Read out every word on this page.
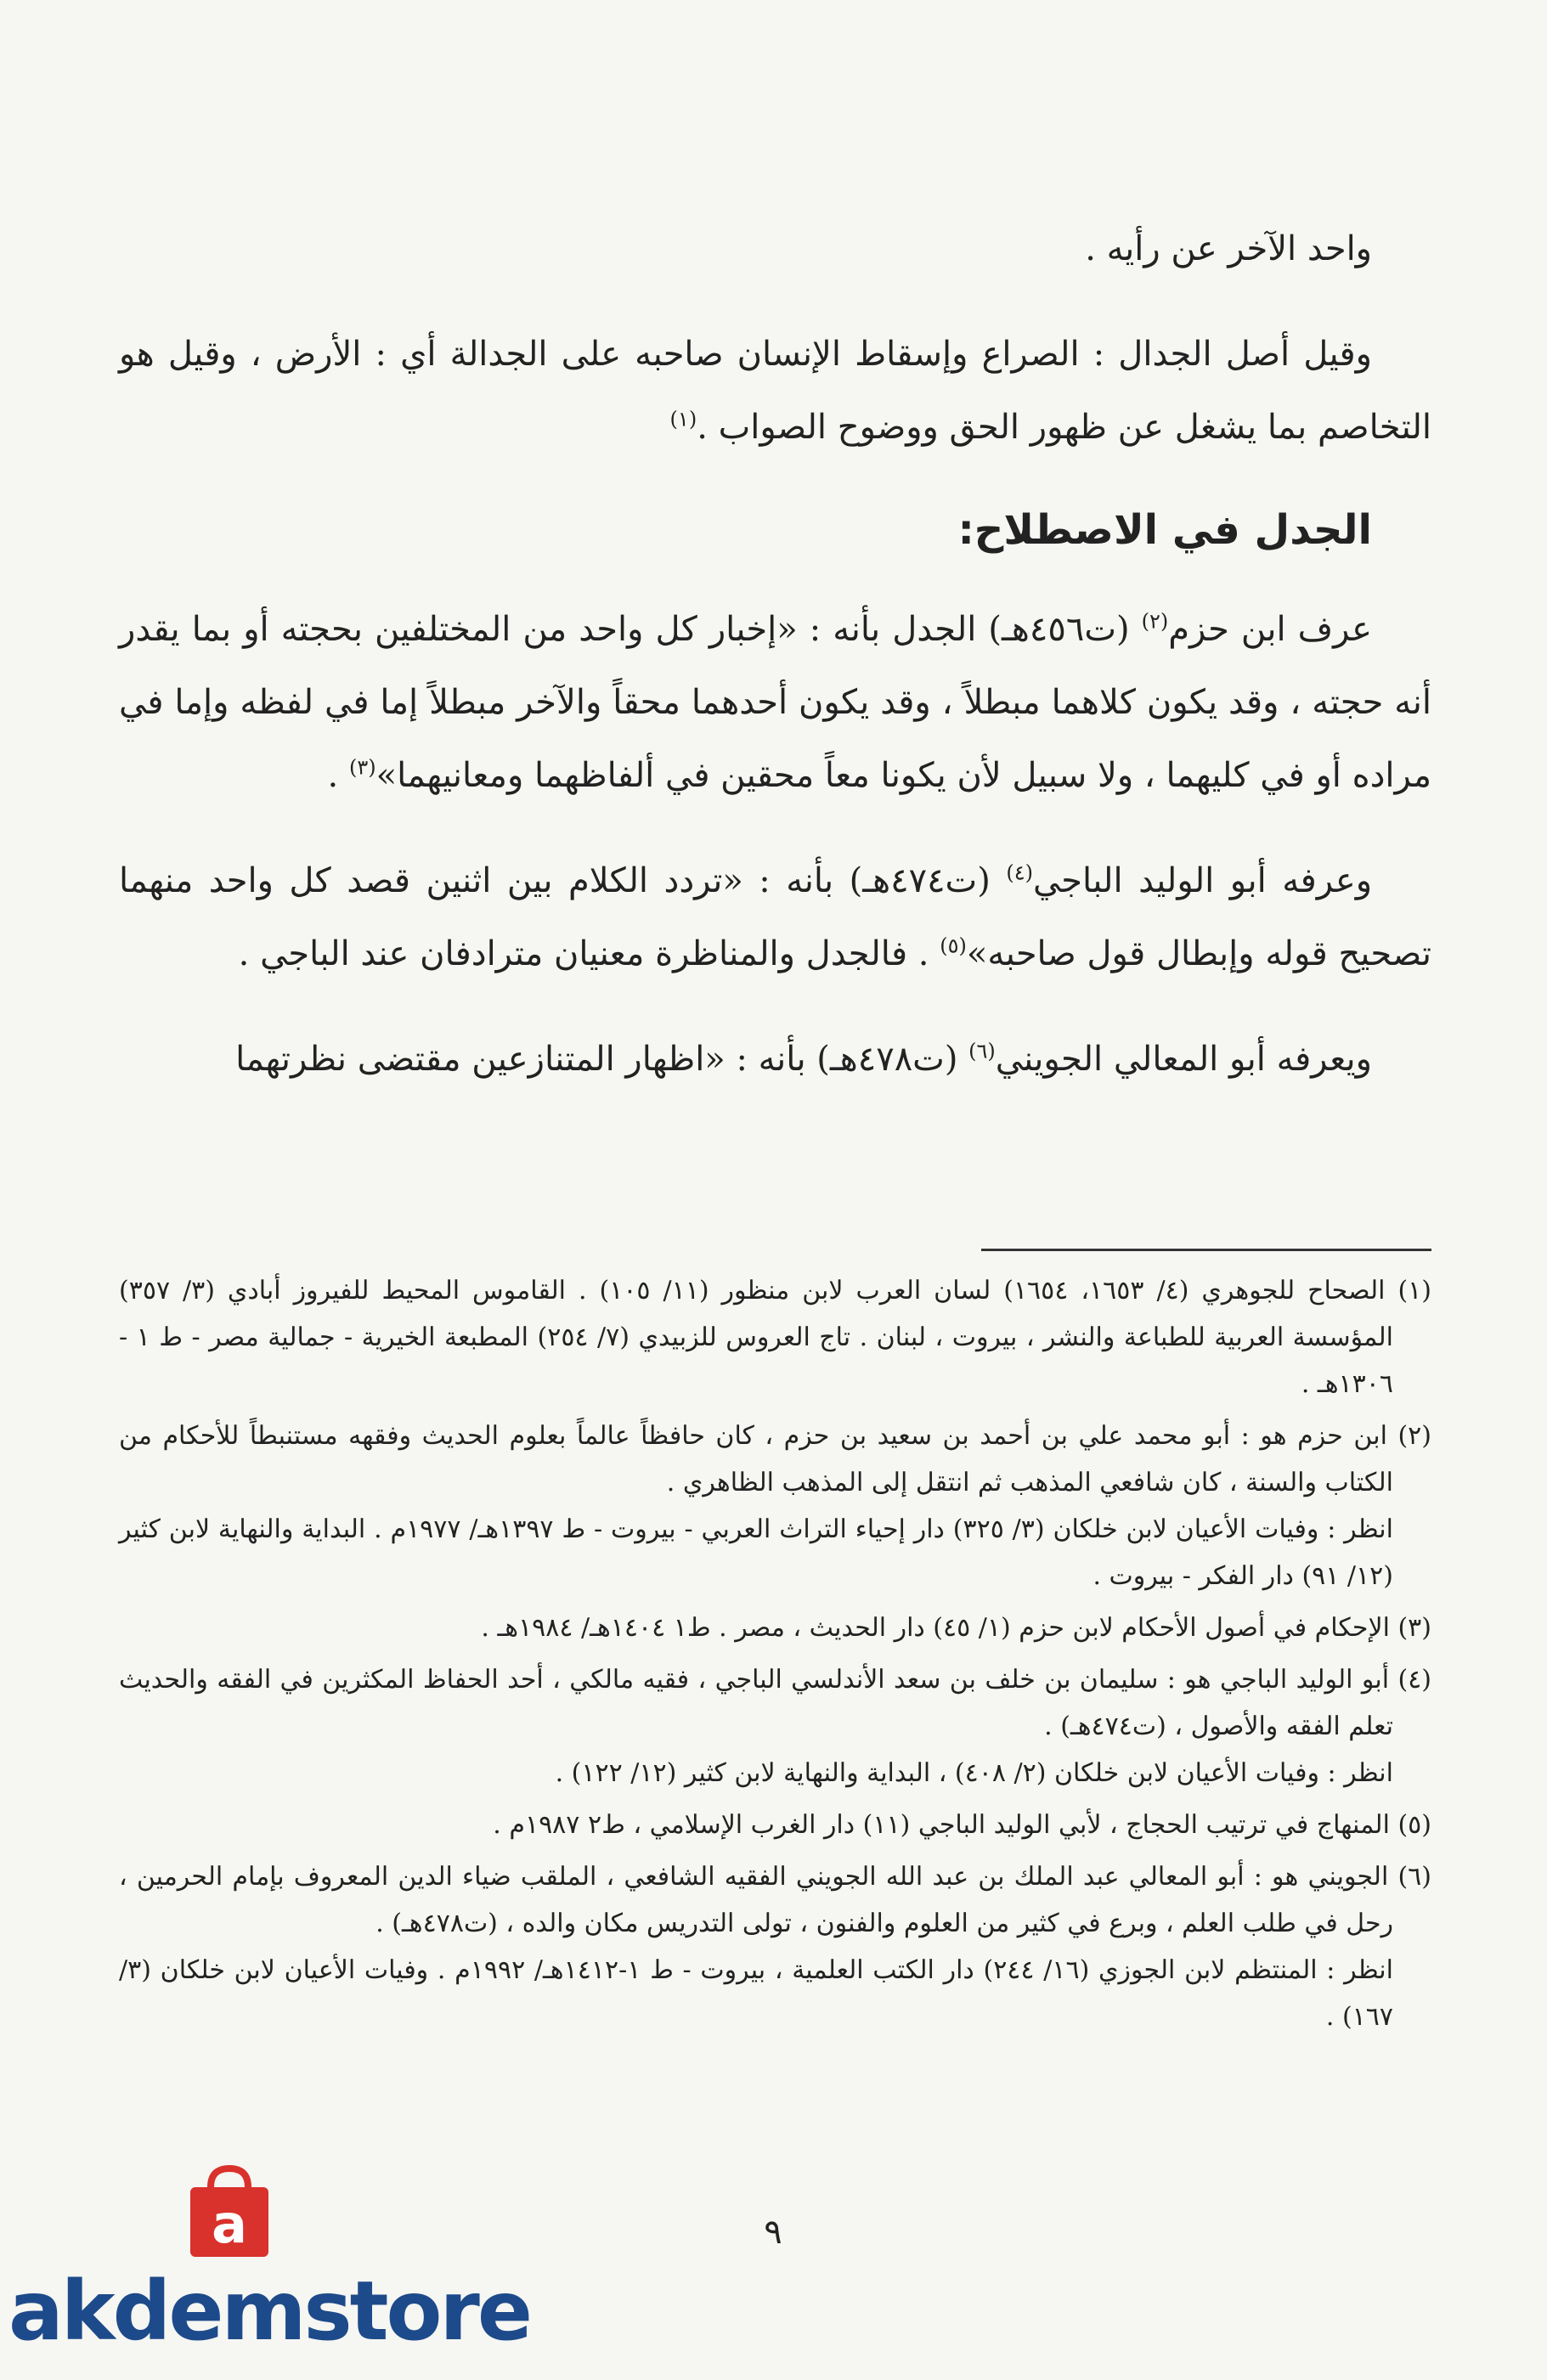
واحد الآخر عن رأيه .

وقيل أصل الجدال : الصراع وإسقاط الإنسان صاحبه على الجدالة أي : الأرض ، وقيل هو التخاصم بما يشغل عن ظهور الحق ووضوح الصواب .$^{(١)}$

الجدل في الاصطلاح:

عرف ابن حزم$^{(٢)}$ (ت٤٥٦هـ) الجدل بأنه : «إخبار كل واحد من المختلفين بحجته أو بما يقدر أنه حجته ، وقد يكون كلاهما مبطلاً ، وقد يكون أحدهما محقاً والآخر مبطلاً إما في لفظه وإما في مراده أو في كليهما ، ولا سبيل لأن يكونا معاً محقين في ألفاظهما ومعانيهما»$^{(٣)}$ .

وعرفه أبو الوليد الباجي$^{(٤)}$ (ت٤٧٤هـ) بأنه : «تردد الكلام بين اثنين قصد كل واحد منهما تصحيح قوله وإبطال قول صاحبه»$^{(٥)}$ . فالجدل والمناظرة معنيان مترادفان عند الباجي .

ويعرفه أبو المعالي الجويني$^{(٦)}$ (ت٤٧٨هـ) بأنه : «اظهار المتنازعين مقتضى نظرتهما

(١) الصحاح للجوهري (٤/ ١٦٥٣، ١٦٥٤) لسان العرب لابن منظور (١١/ ١٠٥) . القاموس المحيط للفيروز أبادي (٣/ ٣٥٧) المؤسسة العربية للطباعة والنشر ، بيروت ، لبنان . تاج العروس للزبيدي (٧/ ٢٥٤) المطبعة الخيرية - جمالية مصر - ط ١ - ١٣٠٦هـ .
(٢) ابن حزم هو : أبو محمد علي بن أحمد بن سعيد بن حزم ، كان حافظاً عالماً بعلوم الحديث وفقهه مستنبطاً للأحكام من الكتاب والسنة ، كان شافعي المذهب ثم انتقل إلى المذهب الظاهري .
انظر : وفيات الأعيان لابن خلكان (٣/ ٣٢٥) دار إحياء التراث العربي - بيروت - ط ١٣٩٧هـ/ ١٩٧٧م . البداية والنهاية لابن كثير (١٢/ ٩١) دار الفكر - بيروت .
(٣) الإحكام في أصول الأحكام لابن حزم (١/ ٤٥) دار الحديث ، مصر . ط١ ١٤٠٤هـ/ ١٩٨٤هـ .
(٤) أبو الوليد الباجي هو : سليمان بن خلف بن سعد الأندلسي الباجي ، فقيه مالكي ، أحد الحفاظ المكثرين في الفقه والحديث تعلم الفقه والأصول ، (ت٤٧٤هـ) .
انظر : وفيات الأعيان لابن خلكان (٢/ ٤٠٨) ، البداية والنهاية لابن كثير (١٢/ ١٢٢) .
(٥) المنهاج في ترتيب الحجاج ، لأبي الوليد الباجي (١١) دار الغرب الإسلامي ، ط٢ ١٩٨٧م .
(٦) الجويني هو : أبو المعالي عبد الملك بن عبد الله الجويني الفقيه الشافعي ، الملقب ضياء الدين المعروف بإمام الحرمين ، رحل في طلب العلم ، وبرع في كثير من العلوم والفنون ، تولى التدريس مكان والده ، (ت٤٧٨هـ) .
انظر : المنتظم لابن الجوزي (١٦/ ٢٤٤) دار الكتب العلمية ، بيروت - ط ١-١٤١٢هـ/ ١٩٩٢م . وفيات الأعيان لابن خلكان (٣/ ١٦٧) .
٩
a
akdemstore
